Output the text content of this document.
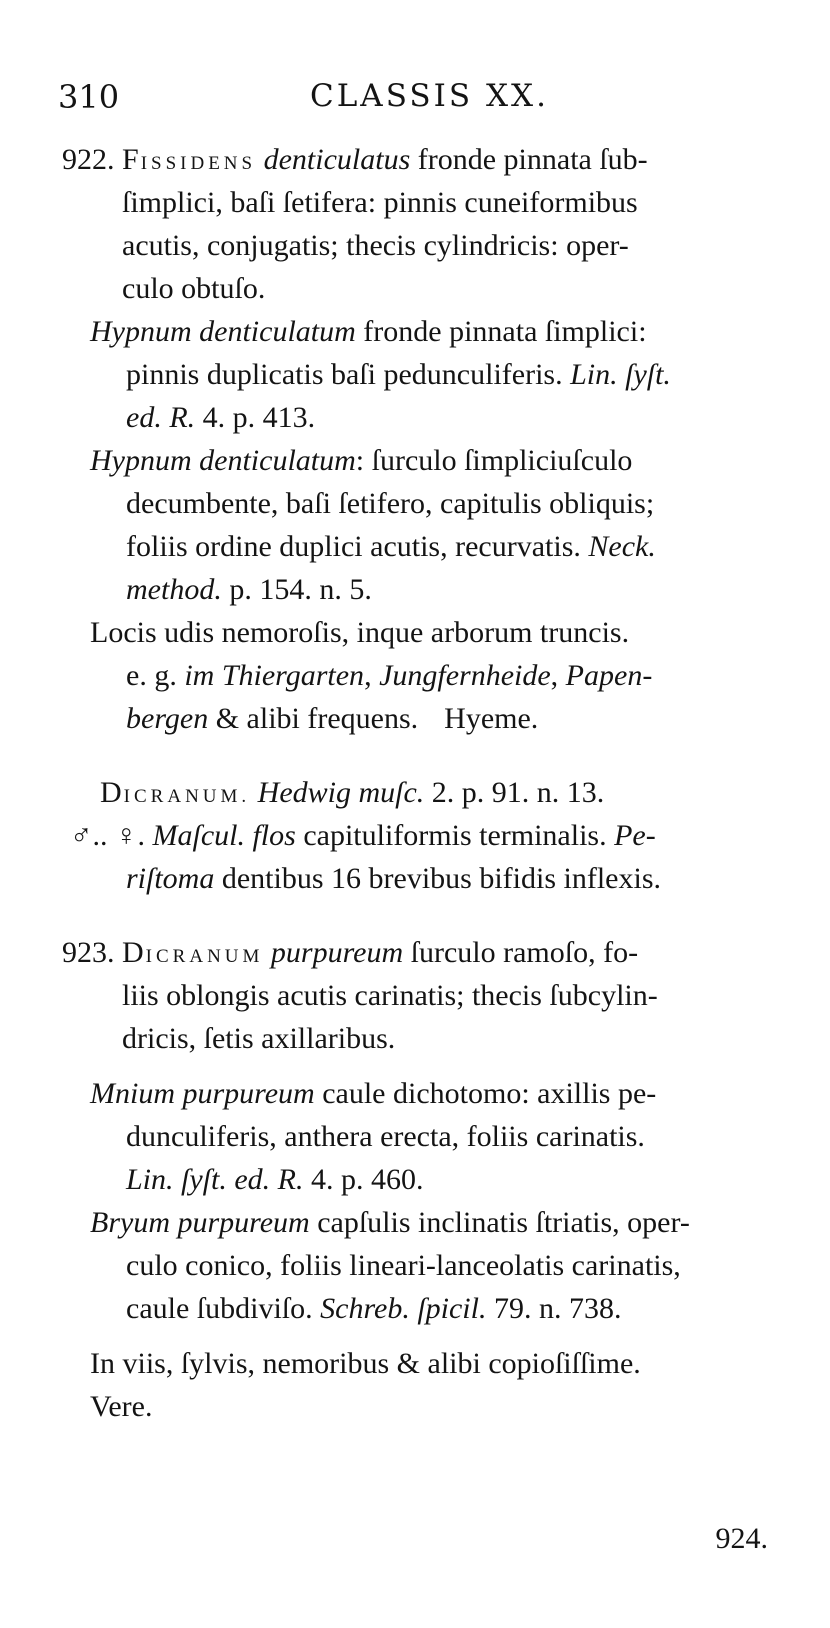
310	CLASSIS XX.

922. FISSIDENS denticulatus fronde pinnata ſub-

ſimplici, baſi ſetifera: pinnis cuneiformibus

acutis, conjugatis; thecis cylindricis: oper-

culo obtuſo.

Hypnum denticulatum fronde pinnata ſimplici:

pinnis duplicatis baſi pedunculiferis. Lin. ſyſt.

ed. R. 4. p. 413.

Hypnum denticulatum: ſurculo ſimpliciuſculo

decumbente, baſi ſetifero, capitulis obliquis;

foliis ordine duplici acutis, recurvatis. Neck.

method. p. 154. n. 5.

Locis udis nemoroſis, inque arborum truncis.

e. g. im Thiergarten, Jungfernheide, Papen-

bergen & alibi frequens. Hyeme.

DICRANUM. Hedwig muſc. 2. p. 91. n. 13.

♂.. ♀. Maſcul. flos capituliformis terminalis. Pe-

riſtoma dentibus 16 brevibus bifidis inflexis.

923. DICRANUM purpureum ſurculo ramoſo, fo-

liis oblongis acutis carinatis; thecis ſubcylin-

dricis, ſetis axillaribus.

Mnium purpureum caule dichotomo: axillis pe-

dunculiferis, anthera erecta, foliis carinatis.

Lin. ſyſt. ed. R. 4. p. 460.

Bryum purpureum capſulis inclinatis ſtriatis, oper-

culo conico, foliis lineari-lanceolatis carinatis,

caule ſubdiviſo. Schreb. ſpicil. 79. n. 738.

In viis, ſylvis, nemoribus & alibi copioſiſſime.

Vere.

924.
